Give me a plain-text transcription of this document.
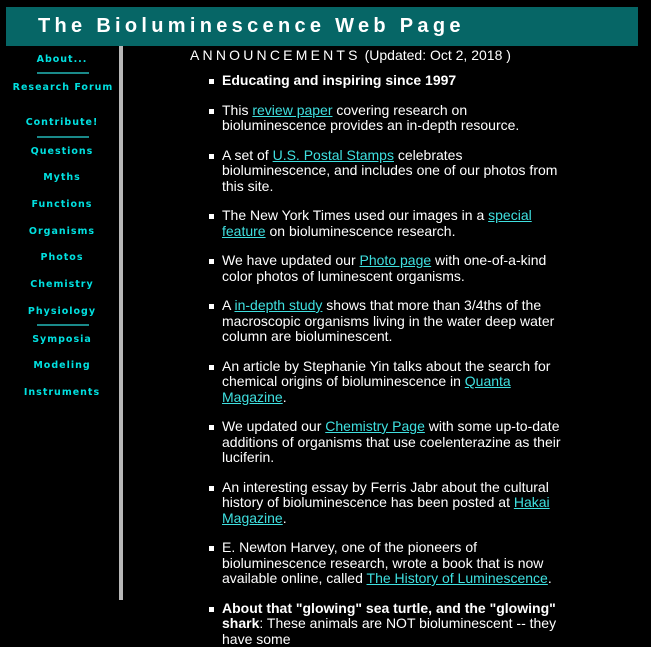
The Bioluminescence Web Page
About...
Research Forum
Contribute!
Questions
Myths
Functions
Organisms
Photos
Chemistry
Physiology
Symposia
Modeling
Instruments
ANNOUNCEMENTS (Updated: Oct 2, 2018 )
Educating and inspiring since 1997
This review paper covering research on bioluminescence provides an in-depth resource.
A set of U.S. Postal Stamps celebrates bioluminescence, and includes one of our photos from this site.
The New York Times used our images in a special feature on bioluminescence research.
We have updated our Photo page with one-of-a-kind color photos of luminescent organisms.
A in-depth study shows that more than 3/4ths of the macroscopic organisms living in the water deep water column are bioluminescent.
An article by Stephanie Yin talks about the search for chemical origins of bioluminescence in Quanta Magazine.
We updated our Chemistry Page with some up-to-date additions of organisms that use coelenterazine as their luciferin.
An interesting essay by Ferris Jabr about the cultural history of bioluminescence has been posted at Hakai Magazine.
E. Newton Harvey, one of the pioneers of bioluminescence research, wrote a book that is now available online, called The History of Luminescence.
About that "glowing" sea turtle, and the "glowing" shark: These animals are NOT bioluminescent -- they have some
